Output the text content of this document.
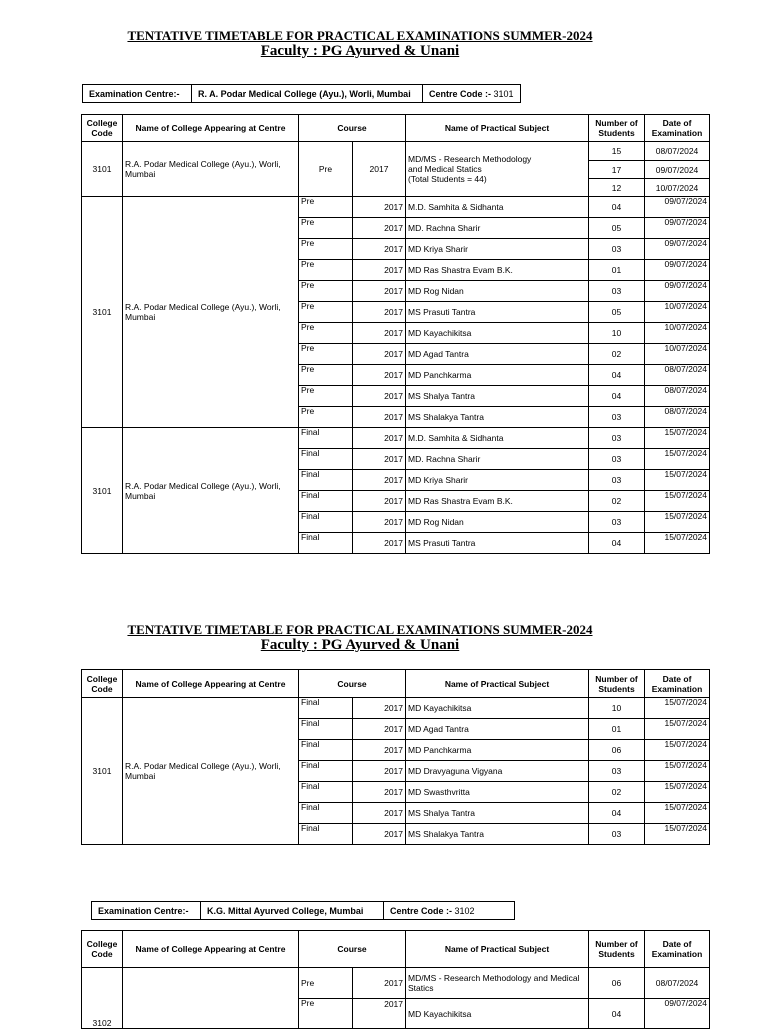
TENTATIVE TIMETABLE FOR PRACTICAL EXAMINATIONS SUMMER-2024
Faculty : PG Ayurved & Unani
Examination Centre:-	R. A. Podar Medical College (Ayu.), Worli, Mumbai	Centre Code :- 3101
College Code	Name of College Appearing at Centre	Course		Name of Practical Subject	Number of Students	Date of Examination
3101	R.A. Podar Medical College (Ayu.), Worli, Mumbai	Pre	2017	MD/MS - Research Methodology
and Medical Statics
(Total Students = 44)	15	08/07/2024
					17	09/07/2024
					12	10/07/2024
3101	R.A. Podar Medical College (Ayu.), Worli, Mumbai	Pre	2017	M.D. Samhita & Sidhanta	04	09/07/2024
		Pre	2017	MD. Rachna Sharir	05	09/07/2024
		Pre	2017	MD Kriya Sharir	03	09/07/2024
		Pre	2017	MD Ras Shastra Evam B.K.	01	09/07/2024
		Pre	2017	MD Rog Nidan	03	09/07/2024
		Pre	2017	MS Prasuti Tantra	05	10/07/2024
		Pre	2017	MD Kayachikitsa	10	10/07/2024
		Pre	2017	MD Agad Tantra	02	10/07/2024
		Pre	2017	MD Panchkarma	04	08/07/2024
		Pre	2017	MS Shalya Tantra	04	08/07/2024
		Pre	2017	MS Shalakya Tantra	03	08/07/2024
3101	R.A. Podar Medical College (Ayu.), Worli, Mumbai	Final	2017	M.D. Samhita & Sidhanta	03	15/07/2024
		Final	2017	MD. Rachna Sharir	03	15/07/2024
		Final	2017	MD Kriya Sharir	03	15/07/2024
		Final	2017	MD Ras Shastra Evam B.K.	02	15/07/2024
		Final	2017	MD Rog Nidan	03	15/07/2024
		Final	2017	MS Prasuti Tantra	04	15/07/2024
TENTATIVE TIMETABLE FOR PRACTICAL EXAMINATIONS SUMMER-2024
Faculty : PG Ayurved & Unani
College Code	Name of College Appearing at Centre	Course		Name of Practical Subject	Number of Students	Date of Examination
3101	R.A. Podar Medical College (Ayu.), Worli, Mumbai	Final	2017	MD Kayachikitsa	10	15/07/2024
		Final	2017	MD Agad Tantra	01	15/07/2024
		Final	2017	MD Panchkarma	06	15/07/2024
		Final	2017	MD Dravyaguna Vigyana	03	15/07/2024
		Final	2017	MD Swasthvritta	02	15/07/2024
		Final	2017	MS Shalya Tantra	04	15/07/2024
		Final	2017	MS Shalakya Tantra	03	15/07/2024
Examination Centre:-	K.G. Mittal Ayurved College, Mumbai	Centre Code :- 3102
College Code	Name of College Appearing at Centre	Course		Name of Practical Subject	Number of Students	Date of Examination
3102		Pre	2017	MD/MS - Research Methodology and Medical Statics	06	08/07/2024
		Pre	2017	MD Kayachikitsa	04	09/07/2024
